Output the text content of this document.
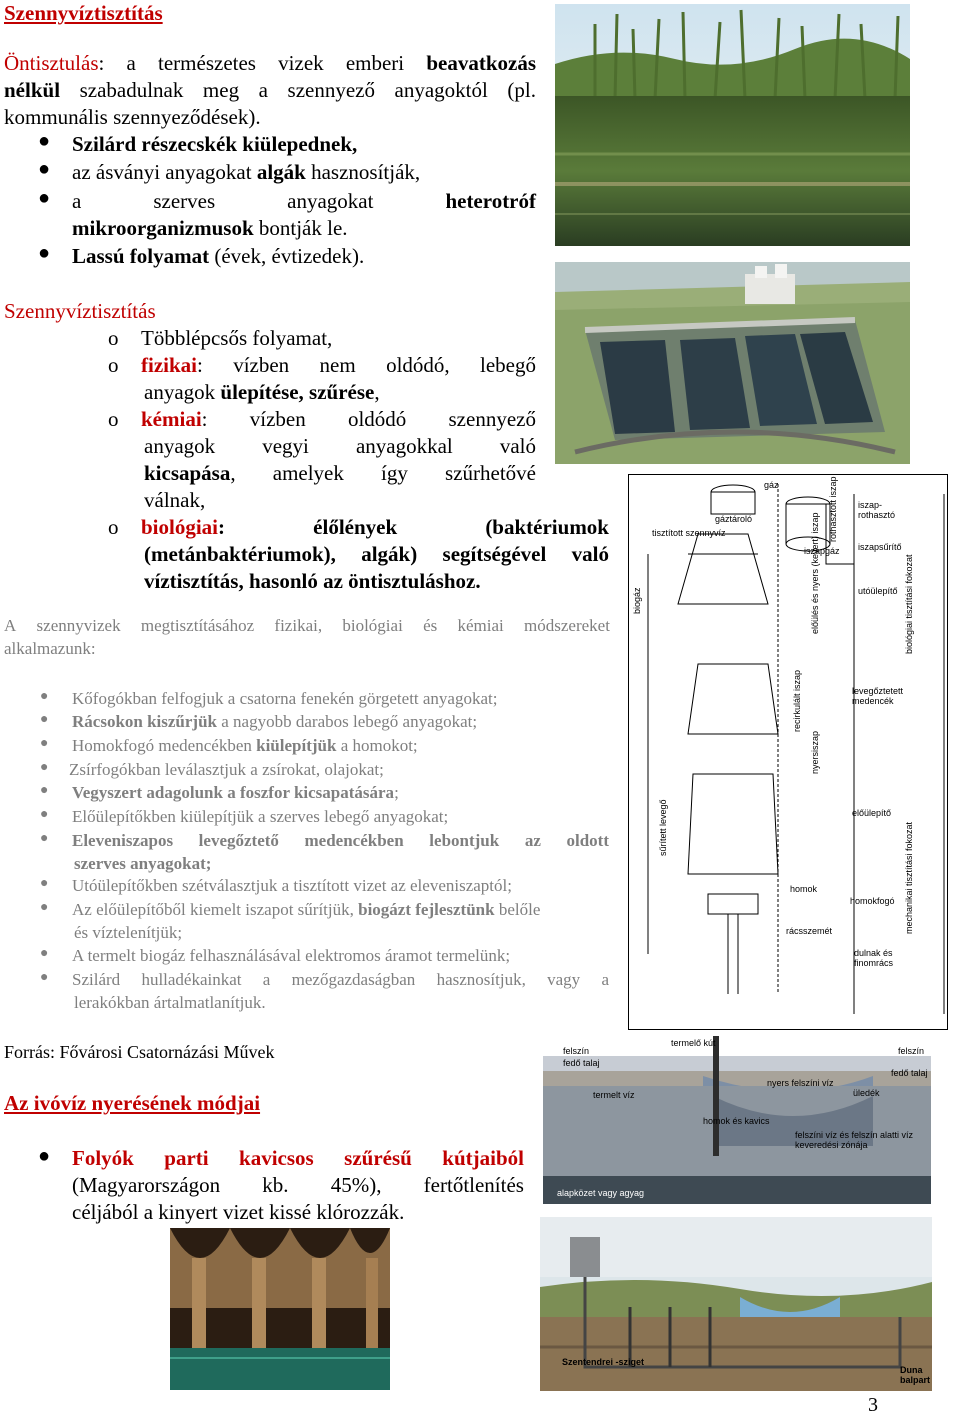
Szennyvíztisztítás
Öntisztulás: a természetes vizek emberi beavatkozás
nélkül szabadulnak meg a szennyező anyagoktól (pl.
kommunális szennyeződések).
● Szilárd részecskék kiülepednek,
● az ásványi anyagokat algák hasznosítják,
● a	szerves	anyagokat	heterotróf
mikroorganizmusok bontják le.
● Lassú folyamat (évek, évtizedek).
Szennyvíztisztítás
o Többlépcsős folyamat,
o fizikai: vízben nem oldódó, lebegő
anyagok ülepítése, szűrése,
o kémiai: vízben oldódó szennyező
anyagok vegyi anyagokkal való
kicsapása, amelyek így szűrhetővé
válnak,
o biológiai:	élőlények	(baktériumok
(metánbaktériumok), algák) segítségével való
víztisztítás, hasonló az öntisztuláshoz.
A szennyvizek megtisztításához fizikai, biológiai és kémiai módszereket
alkalmazunk:
● Kőfogókban felfogjuk a csatorna fenekén görgetett anyagokat;
● Rácsokon kiszűrjük a nagyobb darabos lebegő anyagokat;
● Homokfogó medencékben kiülepítjük a homokot;
● Zsírfogókban leválasztjuk a zsírokat, olajokat;
● Vegyszert adagolunk a foszfor kicsapatására;
● Előülepítőkben kiülepítjük a szerves lebegő anyagokat;
● Eleveniszapos levegőztető medencékben lebontjuk az oldott
szerves anyagokat;
● Utóülepítőkben szétválasztjuk a tisztított vizet az eleveniszaptól;
● Az előülepítőből kiemelt iszapot sűrítjük, biogázt fejlesztünk belőle
és víztelenítjük;
● A termelt biogáz felhasználásával elektromos áramot termelünk;
● Szilárd hulladékainkat a mezőgazdaságban hasznosítjuk, vagy a
lerakókban ártalmatlanítjuk.
Forrás: Fővárosi Csatornázási Művek
Az ivóvíz nyerésének módjai
● Folyók parti kavicsos szűrésű kútjaiból
(Magyarországon kb. 45%), fertőtlenítés
céljából a kinyert vizet kissé klórozzák.
gáz
gáztároló
tisztított szennyvíz
iszapgáz
iszap-
rothasztó
iszapsűrítő
rothasztott iszap
utóülepítő biológiai tisztítási fokozat
levegőztetett
medencék
recirkulált iszap
nyersiszap
előülés és nyers (kevert) iszap
előülepítő
sűrített levegő
homok
homokfogó
rácsszemét	mechanikai tisztítási fokozat
dulnak és
finomrács
biogáz
termelő kút
felszín
fedő talaj
felszín
fedő talaj
nyers felszíni víz
üledék
termelt víz
homok és kavics
felszíni víz és felszín alatti víz
keveredési zónája
alapközet vagy agyag
Szentendrei -sziget
Duna
balpart
3
